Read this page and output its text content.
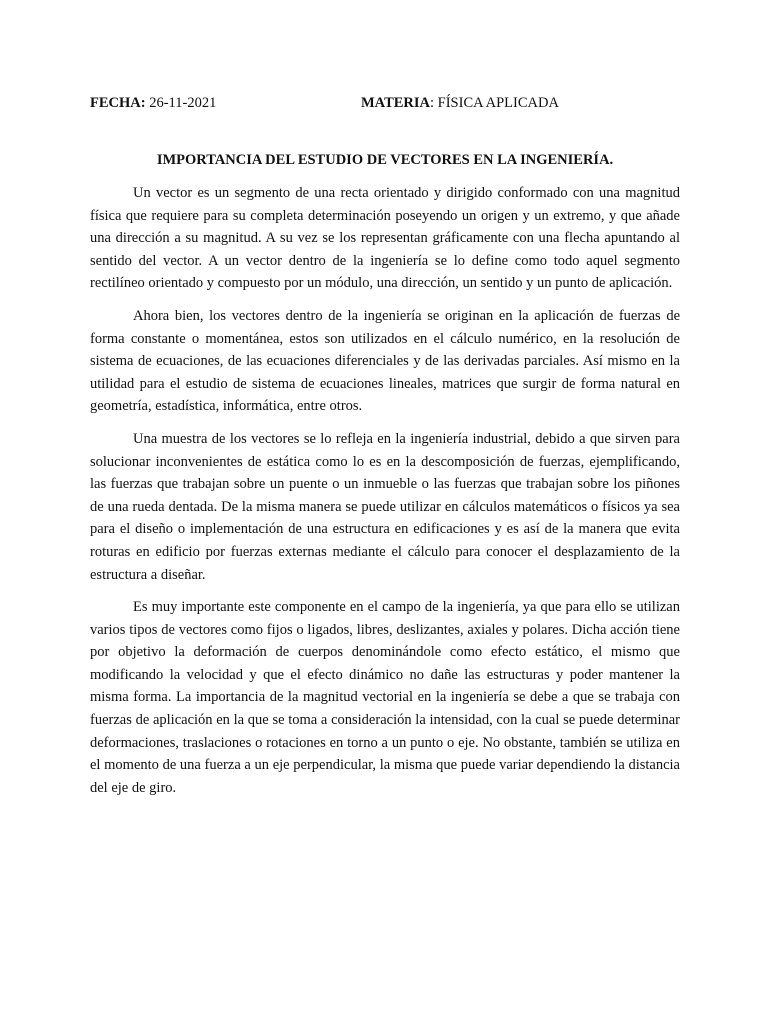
FECHA: 26-11-2021	MATERIA: FÍSICA APLICADA
IMPORTANCIA DEL ESTUDIO DE VECTORES EN LA INGENIERÍA.

Un vector es un segmento de una recta orientado y dirigido conformado con una magnitud física que requiere para su completa determinación poseyendo un origen y un extremo, y que añade una dirección a su magnitud. A su vez se los representan gráficamente con una flecha apuntando al sentido del vector. A un vector dentro de la ingeniería se lo define como todo aquel segmento rectilíneo orientado y compuesto por un módulo, una dirección, un sentido y un punto de aplicación.

Ahora bien, los vectores dentro de la ingeniería se originan en la aplicación de fuerzas de forma constante o momentánea, estos son utilizados en el cálculo numérico, en la resolución de sistema de ecuaciones, de las ecuaciones diferenciales y de las derivadas parciales. Así mismo en la utilidad para el estudio de sistema de ecuaciones lineales, matrices que surgir de forma natural en geometría, estadística, informática, entre otros.

Una muestra de los vectores se lo refleja en la ingeniería industrial, debido a que sirven para solucionar inconvenientes de estática como lo es en la descomposición de fuerzas, ejemplificando, las fuerzas que trabajan sobre un puente o un inmueble o las fuerzas que trabajan sobre los piñones de una rueda dentada. De la misma manera se puede utilizar en cálculos matemáticos o físicos ya sea para el diseño o implementación de una estructura en edificaciones y es así de la manera que evita roturas en edificio por fuerzas externas mediante el cálculo para conocer el desplazamiento de la estructura a diseñar.

Es muy importante este componente en el campo de la ingeniería, ya que para ello se utilizan varios tipos de vectores como fijos o ligados, libres, deslizantes, axiales y polares. Dicha acción tiene por objetivo la deformación de cuerpos denominándole como efecto estático, el mismo que modificando la velocidad y que el efecto dinámico no dañe las estructuras y poder mantener la misma forma. La importancia de la magnitud vectorial en la ingeniería se debe a que se trabaja con fuerzas de aplicación en la que se toma a consideración la intensidad, con la cual se puede determinar deformaciones, traslaciones o rotaciones en torno a un punto o eje. No obstante, también se utiliza en el momento de una fuerza a un eje perpendicular, la misma que puede variar dependiendo la distancia del eje de giro.
